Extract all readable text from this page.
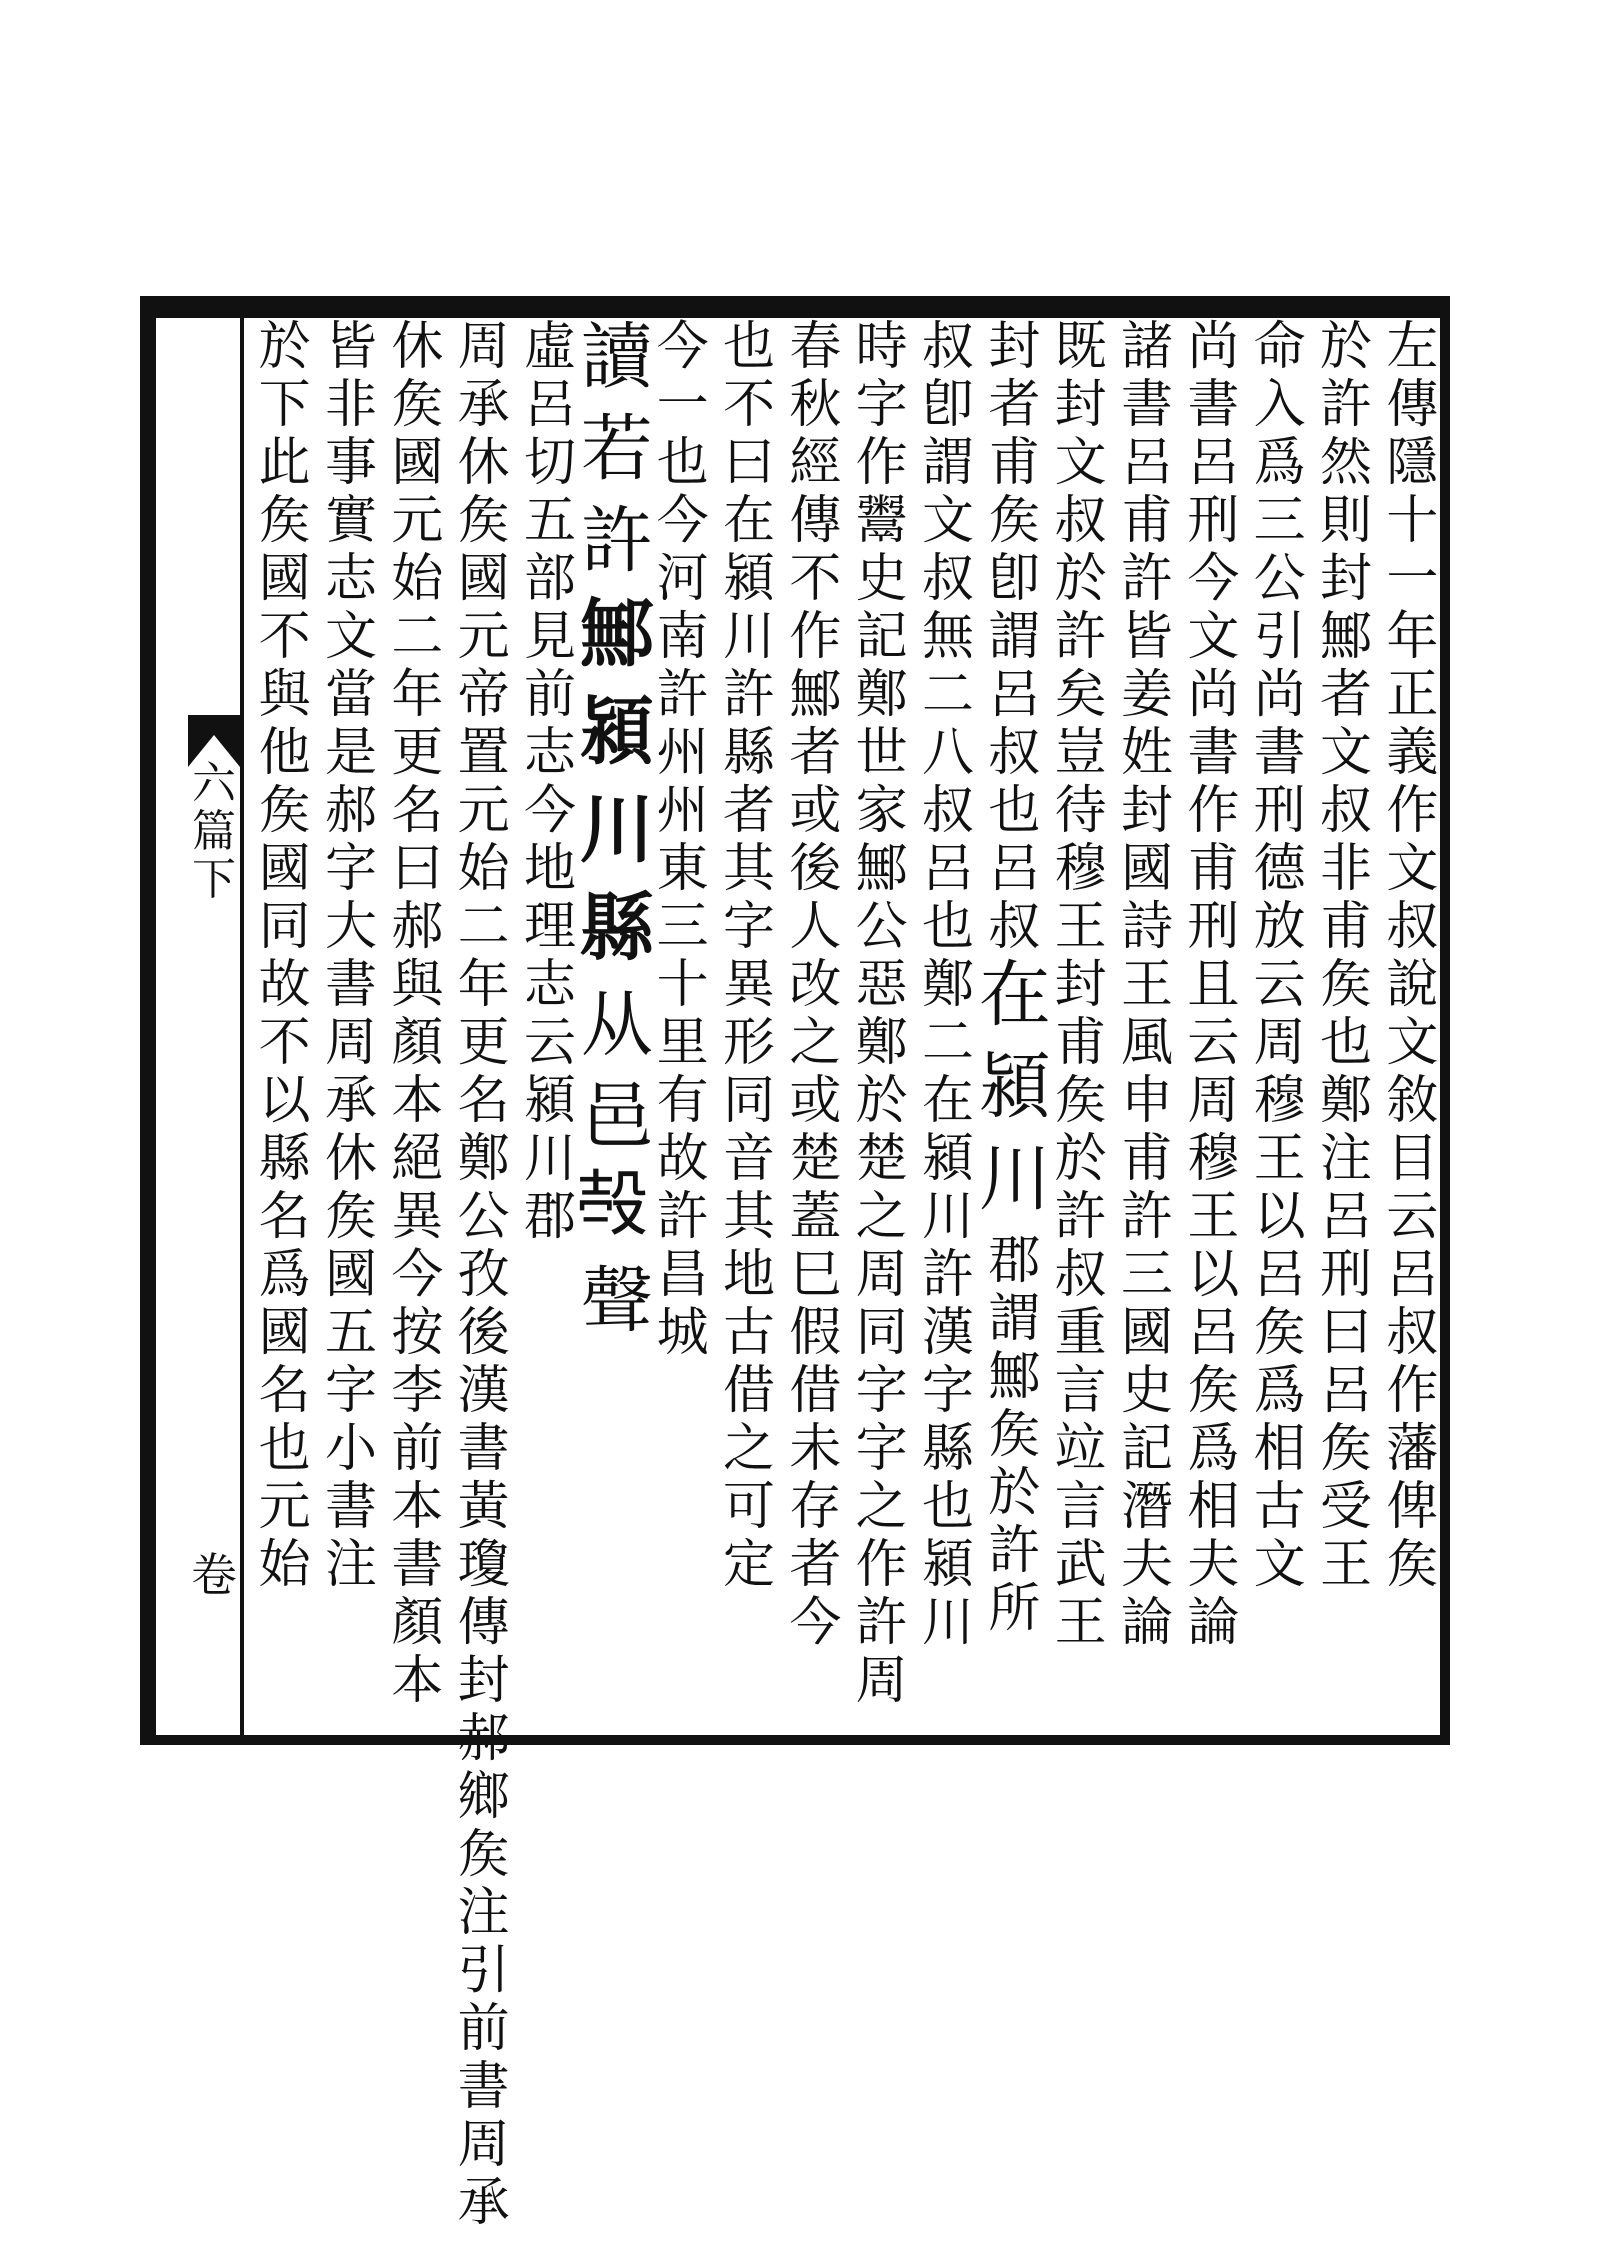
六
篇
下
卷	左傳隱十一年正義作文叔說文敘目云呂叔作藩俾矦
於許然則封鄦者文叔非甫矦也鄭注呂刑曰呂矦受王
命入爲三公引尚書刑德放云周穆王以呂矦爲相古文
尚書呂刑今文尚書作甫刑且云周穆王以呂矦爲相夫論
諸書呂甫許皆姜姓封國詩王風申甫許三國史記潛夫論
既封文叔於許矣豈待穆王封甫矦於許叔重言竝言武王
封者甫矦卽謂呂叔也呂叔
在潁川
郡謂鄦矦於許所
叔卽謂文叔無二八叔呂也鄭二在潁川許漢字縣也潁川
時字作鬻史記鄭世家鄦公惡鄭於楚之周同字字之作許周
春秋經傳不作鄦者或後人改之或楚蓋巳假借未存者今
也不曰在潁川許縣者其字異形同音其地古借之可定
今一也今河南許州州東三十里有故許昌城
讀若許
鄦潁川縣
从邑𣪊聲
虛呂切
五部
見前志今地理志云潁川郡
周承休矦國元帝置元始二年更名鄭公孜後漢書黃瓊傳封郝鄉矦注引前書周承
休矦國元始二年更名曰郝與顏本絕異今按李前本書顏本
皆非事實志文當是郝字大書周承休矦國五字小書注
於下此矦國不與他矦國同故不以縣名爲國名也元始
